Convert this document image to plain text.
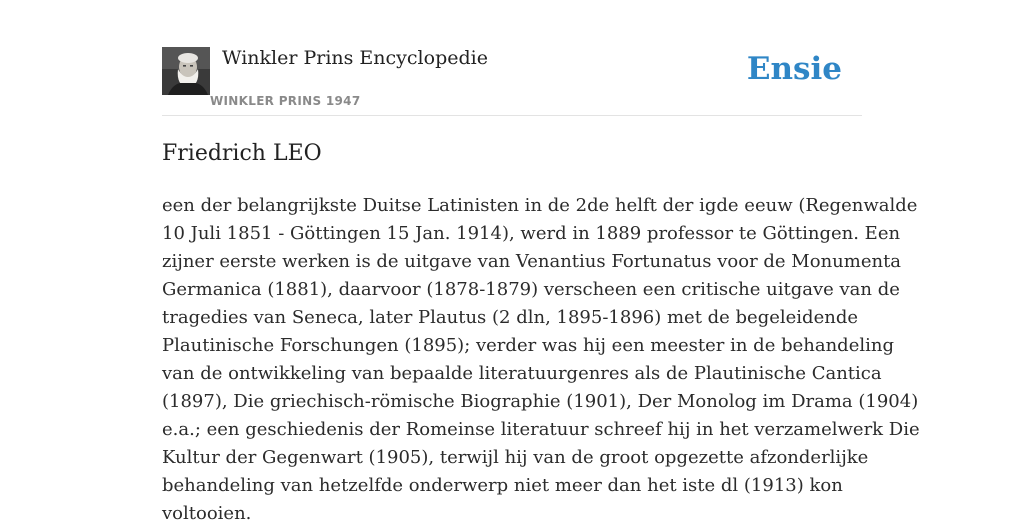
Winkler Prins Encyclopedie
WINKLER PRINS 1947
Ensie
Friedrich LEO

een der belangrijkste Duitse Latinisten in de 2de helft der igde eeuw (Regenwalde
10 Juli 1851 - Göttingen 15 Jan. 1914), werd in 1889 professor te Göttingen. Een
zijner eerste werken is de uitgave van Venantius Fortunatus voor de Monumenta
Germanica (1881), daarvoor (1878-1879) verscheen een critische uitgave van de
tragedies van Seneca, later Plautus (2 dln, 1895-1896) met de begeleidende
Plautinische Forschungen (1895); verder was hij een meester in de behandeling
van de ontwikkeling van bepaalde literatuurgenres als de Plautinische Cantica
(1897), Die griechisch-römische Biographie (1901), Der Monolog im Drama (1904)
e.a.; een geschiedenis der Romeinse literatuur schreef hij in het verzamelwerk Die
Kultur der Gegenwart (1905), terwijl hij van de groot opgezette afzonderlijke
behandeling van hetzelfde onderwerp niet meer dan het iste dl (1913) kon
voltooien.
